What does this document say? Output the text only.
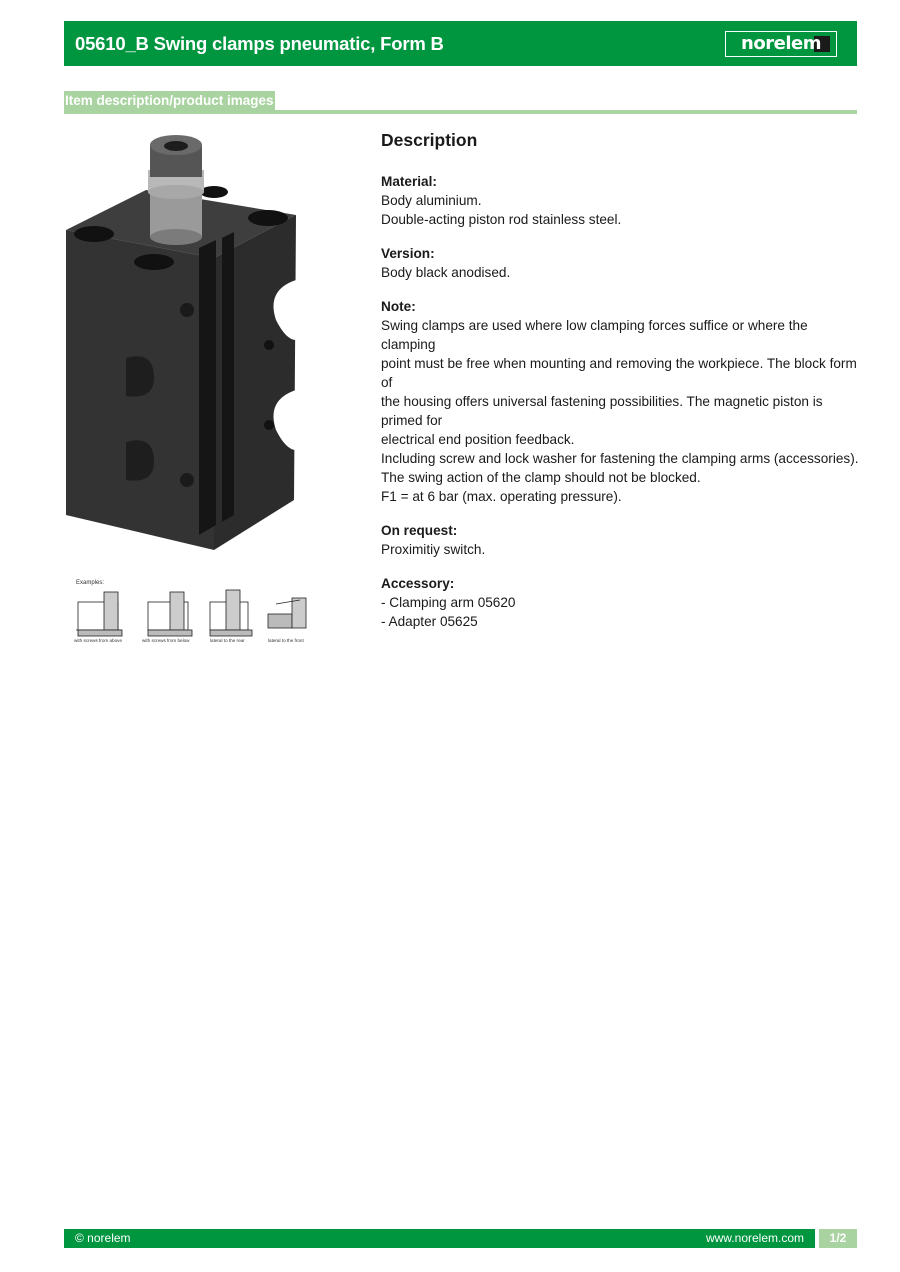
05610_B Swing clamps pneumatic, Form B	norelem
Item description/product images
Examples:
with screws from above	with screws from below	lateral to the rear	lateral to the front
Description
Material:
Body aluminium.
Double-acting piston rod stainless steel.
Version:
Body black anodised.
Note:
Swing clamps are used where low clamping forces suffice or where the clamping
point must be free when mounting and removing the workpiece. The block form of
the housing offers universal fastening possibilities. The magnetic piston is primed for
electrical end position feedback.
Including screw and lock washer for fastening the clamping arms (accessories).
The swing action of the clamp should not be blocked.
F1 = at 6 bar (max. operating pressure).
On request:
Proximitiy switch.
Accessory:
- Clamping arm 05620
- Adapter 05625
© norelem	www.norelem.com	1/2
